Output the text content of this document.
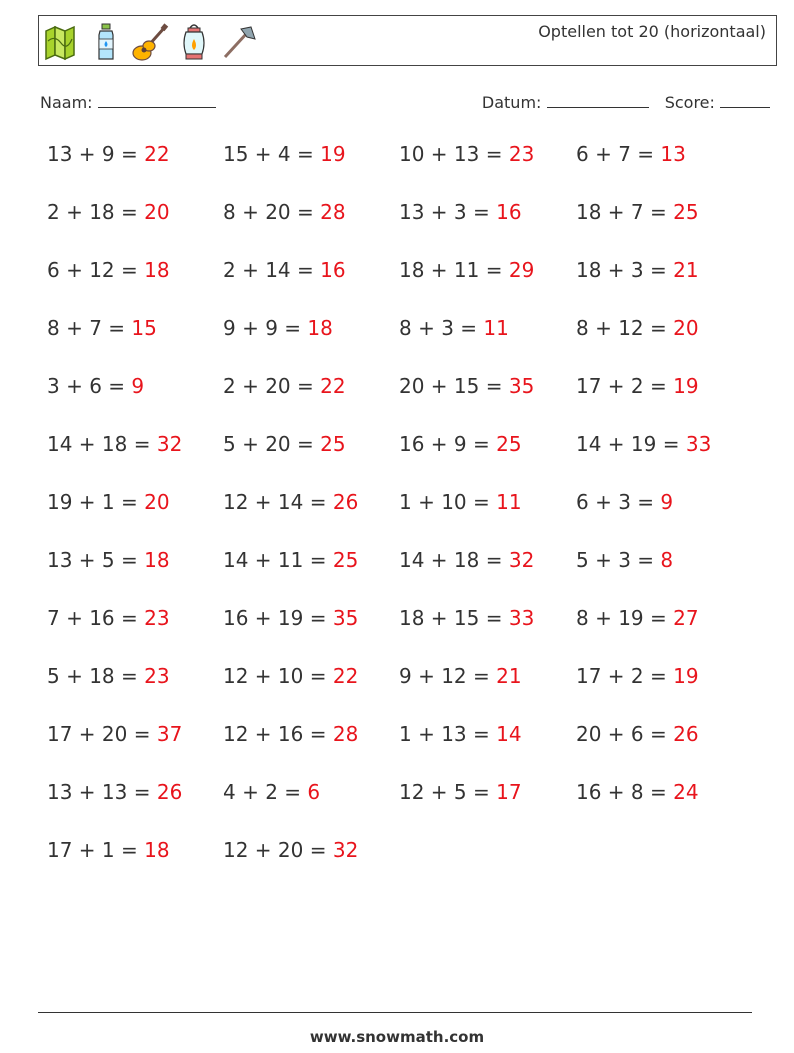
Optellen tot 20 (horizontaal)
Naam:	Datum:	Score:
13 + 9 = 22
2 + 18 = 20
6 + 12 = 18
8 + 7 = 15
3 + 6 = 9
14 + 18 = 32
19 + 1 = 20
13 + 5 = 18
7 + 16 = 23
5 + 18 = 23
17 + 20 = 37
13 + 13 = 26
17 + 1 = 18
15 + 4 = 19
8 + 20 = 28
2 + 14 = 16
9 + 9 = 18
2 + 20 = 22
5 + 20 = 25
12 + 14 = 26
14 + 11 = 25
16 + 19 = 35
12 + 10 = 22
12 + 16 = 28
4 + 2 = 6
12 + 20 = 32
10 + 13 = 23
13 + 3 = 16
18 + 11 = 29
8 + 3 = 11
20 + 15 = 35
16 + 9 = 25
1 + 10 = 11
14 + 18 = 32
18 + 15 = 33
9 + 12 = 21
1 + 13 = 14
12 + 5 = 17
6 + 7 = 13
18 + 7 = 25
18 + 3 = 21
8 + 12 = 20
17 + 2 = 19
14 + 19 = 33
6 + 3 = 9
5 + 3 = 8
8 + 19 = 27
17 + 2 = 19
20 + 6 = 26
16 + 8 = 24
www.snowmath.com
